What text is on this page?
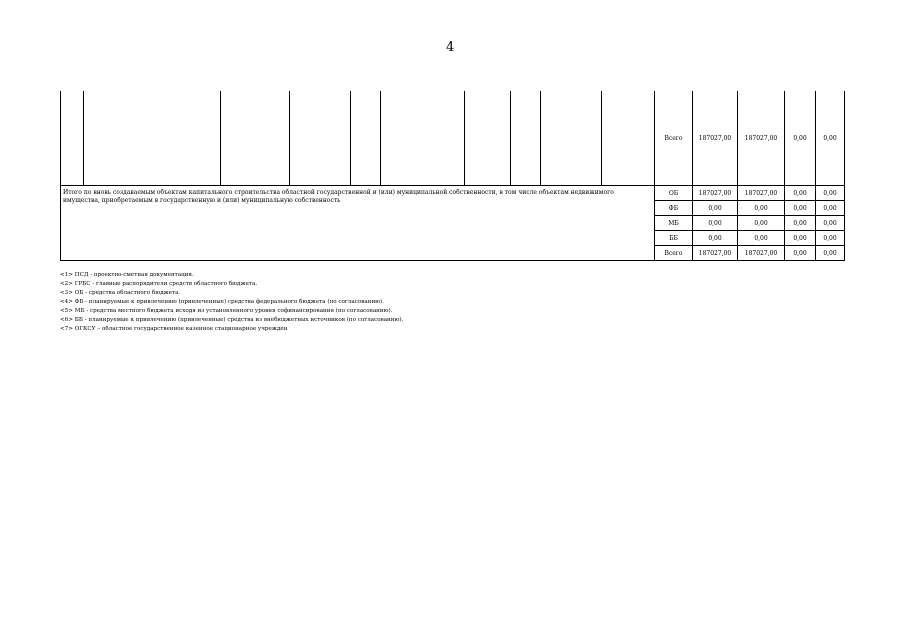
4
										Всего	187027,00	187027,00	0,00	0,00
Итого по вновь создаваемым объектам капитального строительства областной государственной и (или) муниципальной собственности, в том числе объектам недвижимого имущества, приобретаемым в государственную и (или) муниципальную собственность										ОБ	187027,00	187027,00	0,00	0,00
										ФБ	0,00	0,00	0,00	0,00
										МБ	0,00	0,00	0,00	0,00
										ББ	0,00	0,00	0,00	0,00
										Всего	187027,00	187027,00	0,00	0,00
<1> ПСД - проектно-сметная документация.
<2> ГРБС - главные распорядители средств областного бюджета.
<3> ОБ - средства областного бюджета.
<4> ФБ - планируемые к привлечению (привлеченные) средства федерального бюджета (по согласованию).
<5> МБ - средства местного бюджета исходя из установленного уровня софинансирования (по согласованию).
<6> ББ - планируемые к привлечению (привлеченные) средства из внебюджетных источников (по согласованию).
<7> ОГКСУ – областное государственное казенное стационарное учрежден
